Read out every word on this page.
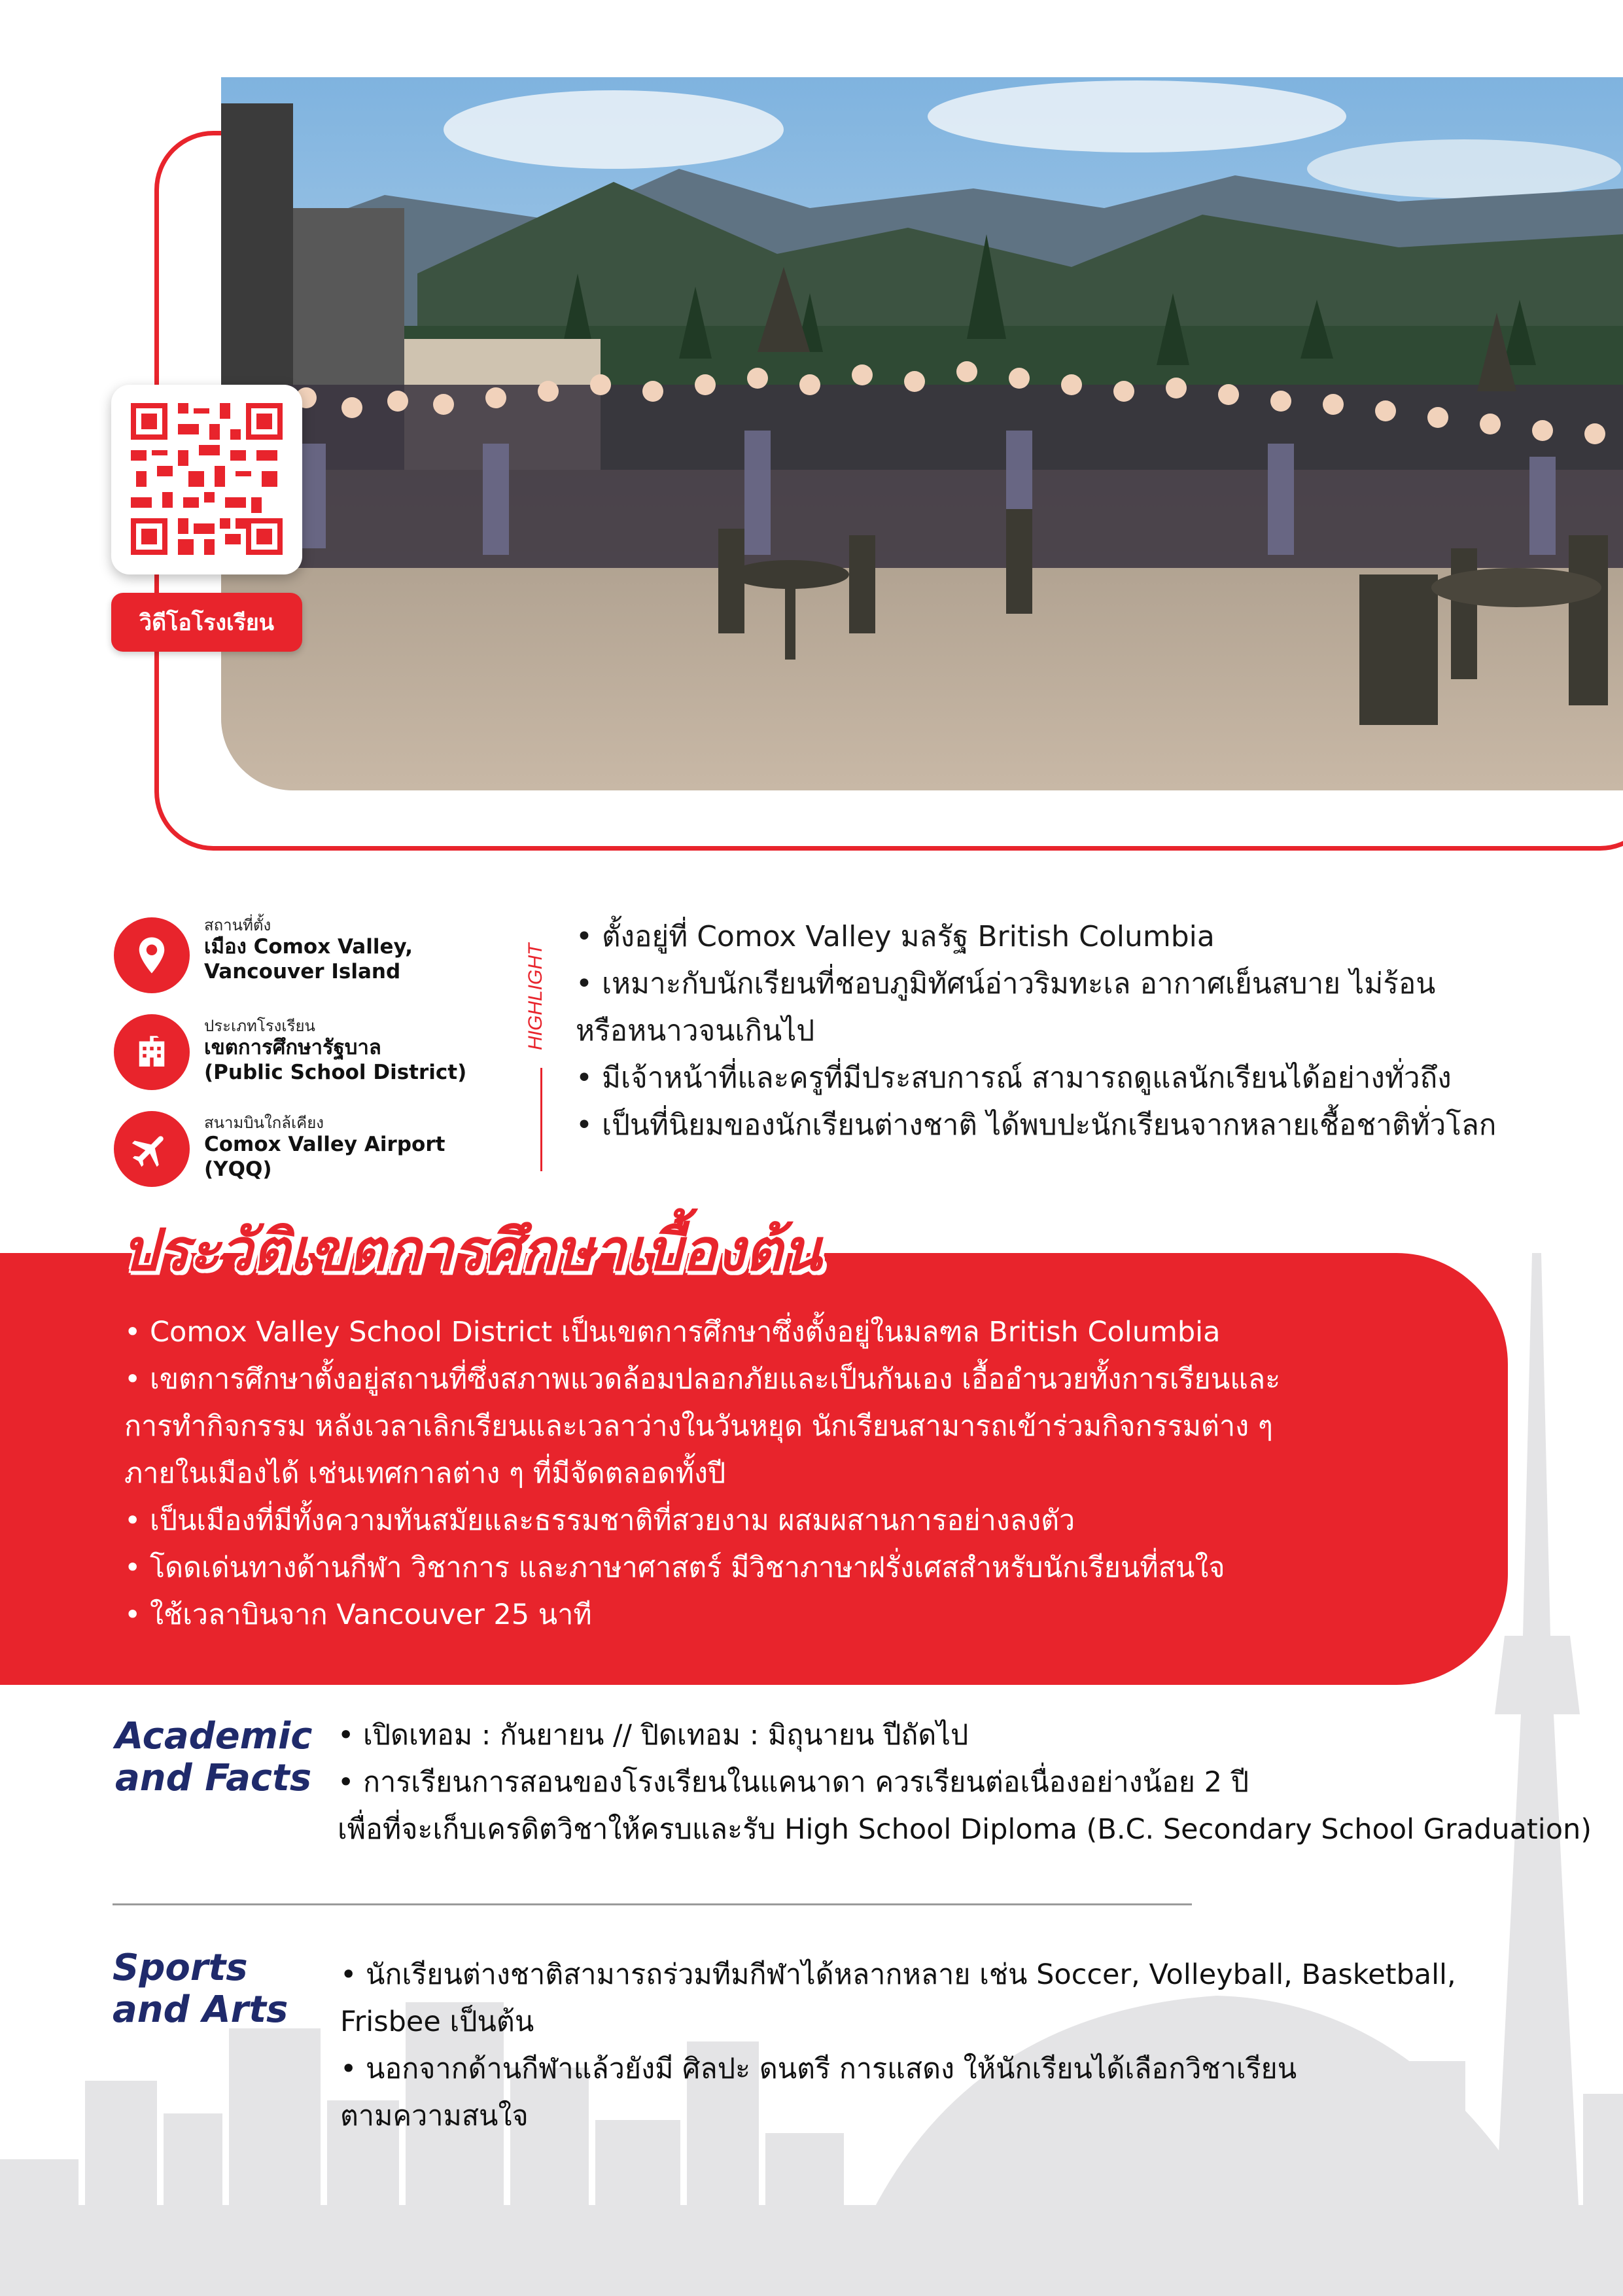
วิดีโอโรงเรียน
สถานที่ตั้ง
เมือง Comox Valley,
Vancouver Island
ประเภทโรงเรียน
เขตการศึกษารัฐบาล
(Public School District)
สนามบินใกล้เคียง
Comox Valley Airport
(YQQ)
HIGHLIGHT
• ตั้งอยู่ที่ Comox Valley มลรัฐ British Columbia
• เหมาะกับนักเรียนที่ชอบภูมิทัศน์อ่าวริมทะเล อากาศเย็นสบาย ไม่ร้อน
หรือหนาวจนเกินไป
• มีเจ้าหน้าที่และครูที่มีประสบการณ์ สามารถดูแลนักเรียนได้อย่างทั่วถึง
• เป็นที่นิยมของนักเรียนต่างชาติ ได้พบปะนักเรียนจากหลายเชื้อชาติทั่วโลก
ประวัติเขตการศึกษาเบื้องต้น
• Comox Valley School District เป็นเขตการศึกษาซึ่งตั้งอยู่ในมลฑล British Columbia
• เขตการศึกษาตั้งอยู่สถานที่ซึ่งสภาพแวดล้อมปลอกภัยและเป็นกันเอง เอื้ออำนวยทั้งการเรียนและ
การทำกิจกรรม หลังเวลาเลิกเรียนและเวลาว่างในวันหยุด นักเรียนสามารถเข้าร่วมกิจกรรมต่าง ๆ
ภายในเมืองได้ เช่นเทศกาลต่าง ๆ ที่มีจัดตลอดทั้งปี
• เป็นเมืองที่มีทั้งความทันสมัยและธรรมชาติที่สวยงาม ผสมผสานการอย่างลงตัว
• โดดเด่นทางด้านกีฬา วิชาการ และภาษาศาสตร์ มีวิชาภาษาฝรั่งเศสสำหรับนักเรียนที่สนใจ
• ใช้เวลาบินจาก Vancouver 25 นาที
Academic
and Facts
• เปิดเทอม : กันยายน // ปิดเทอม : มิถุนายน ปีถัดไป
• การเรียนการสอนของโรงเรียนในแคนาดา ควรเรียนต่อเนื่องอย่างน้อย 2 ปี
เพื่อที่จะเก็บเครดิตวิชาให้ครบและรับ High School Diploma (B.C. Secondary School Graduation)
Sports
and Arts
• นักเรียนต่างชาติสามารถร่วมทีมกีฬาได้หลากหลาย เช่น Soccer, Volleyball, Basketball,
Frisbee เป็นต้น
• นอกจากด้านกีฬาแล้วยังมี ศิลปะ ดนตรี การแสดง ให้นักเรียนได้เลือกวิชาเรียน
ตามความสนใจ
